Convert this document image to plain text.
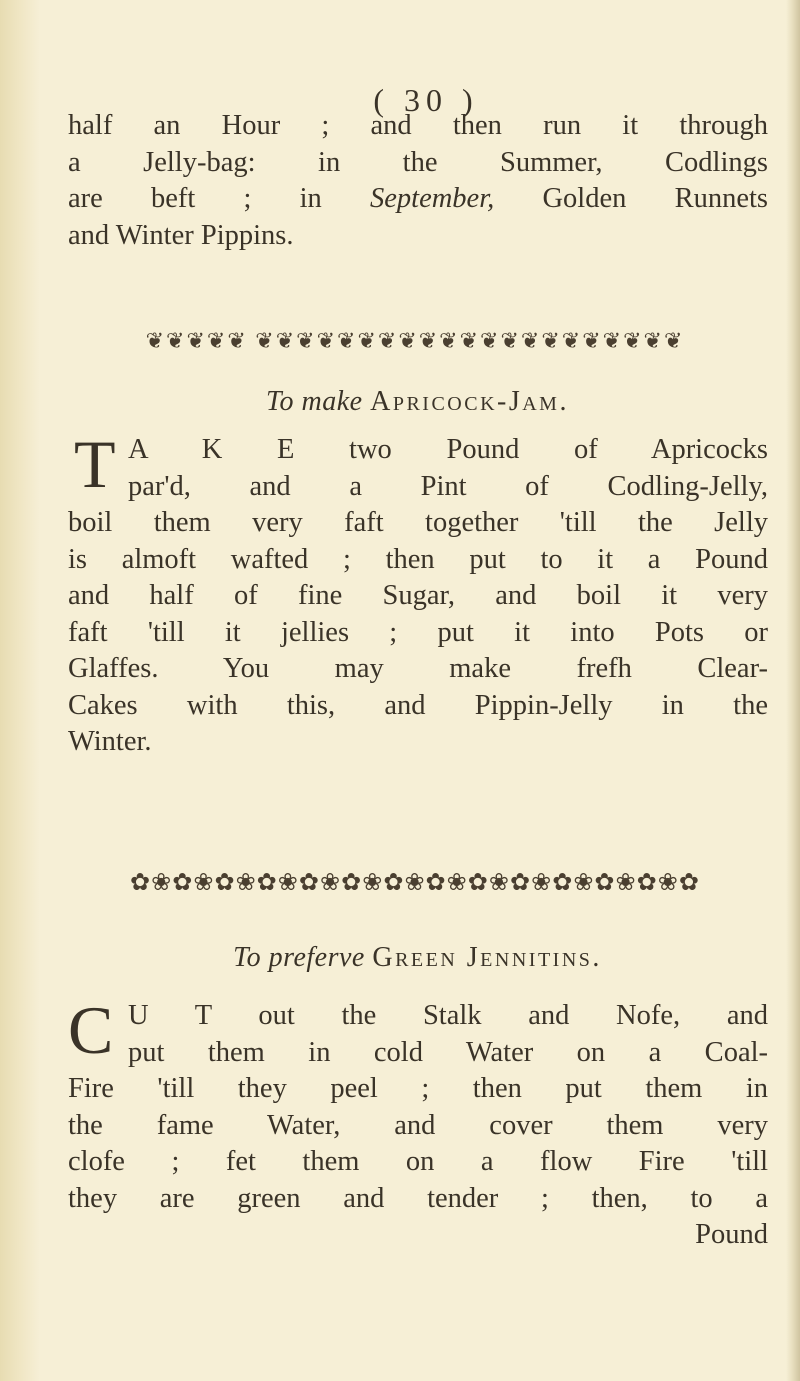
( 30 )
half an Hour ; and then run it through
a Jelly-bag: in the Summer, Codlings
are beft ; in September, Golden Runnets
and Winter Pippins.
❦❦❦❦❦ ❦❦❦❦❦❦❦❦❦❦❦❦❦❦❦❦❦❦❦❦❦
To make Apricock-Jam.
T A K E two Pound of Apricocks
par'd, and a Pint of Codling-Jelly,
boil them very faft together 'till the Jelly
is almoft wafted ; then put to it a Pound
and half of fine Sugar, and boil it very
faft 'till it jellies ; put it into Pots or
Glaffes. You may make frefh Clear-
Cakes with this, and Pippin-Jelly in the
Winter.
✿❀✿❀✿❀✿❀✿❀✿❀✿❀✿❀✿❀✿❀✿❀✿❀✿❀✿
To preferve Green Jennitins.
C U T out the Stalk and Nofe, and
put them in cold Water on a Coal-
Fire 'till they peel ; then put them in
the fame Water, and cover them very
clofe ; fet them on a flow Fire 'till
they are green and tender ; then, to a
Pound
